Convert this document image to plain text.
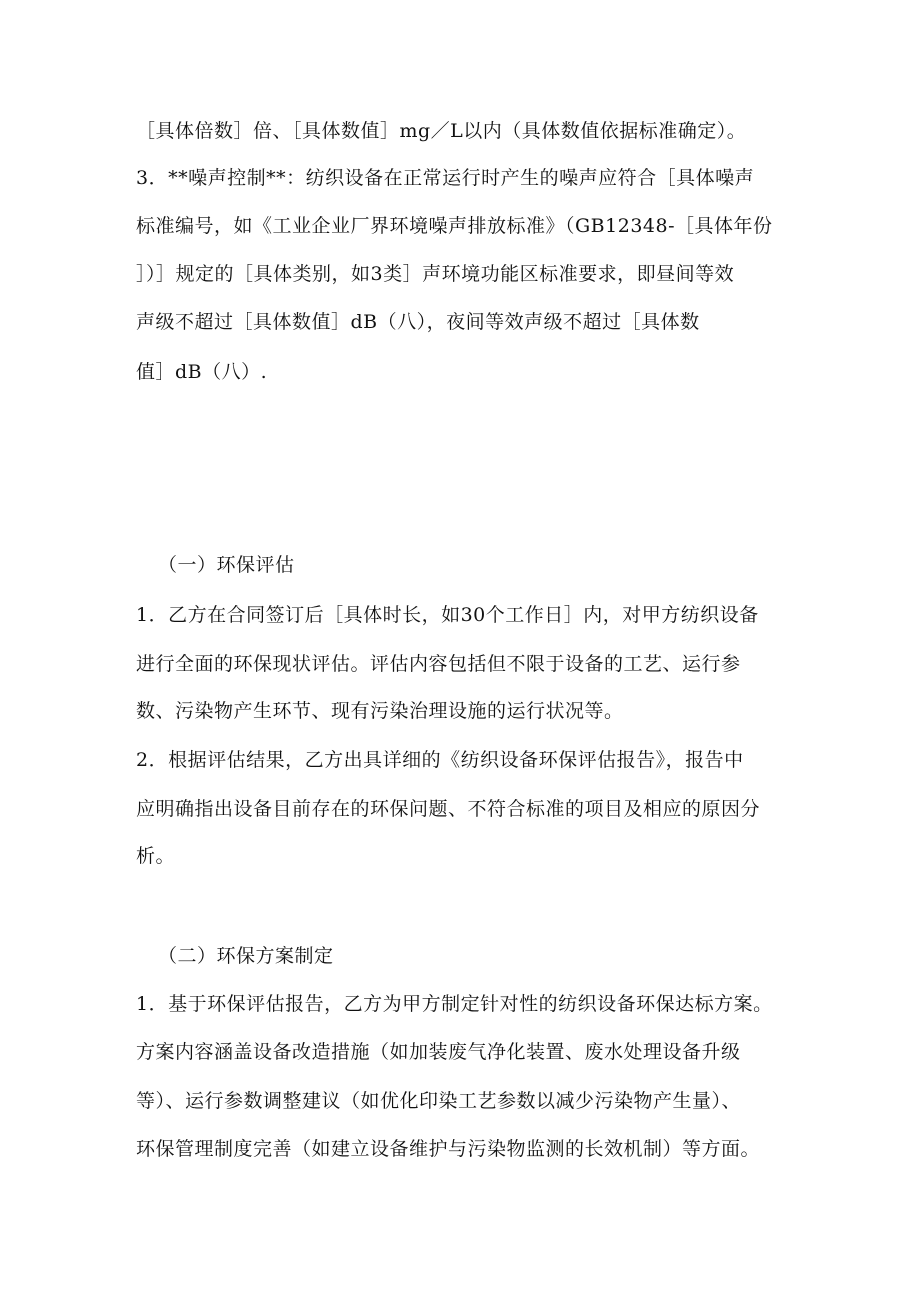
［具体倍数］倍、［具体数值］mg／L以内（具体数值依据标准确定）。
3．**噪声控制**：纺织设备在正常运行时产生的噪声应符合［具体噪声
标准编号，如《工业企业厂界环境噪声排放标准》（GB12348-［具体年份
］）］规定的［具体类别，如3类］声环境功能区标准要求，即昼间等效
声级不超过［具体数值］dB（八），夜间等效声级不超过［具体数
值］dB（八）.
（一）环保评估
1．乙方在合同签订后［具体时长，如30个工作日］内，对甲方纺织设备
进行全面的环保现状评估。评估内容包括但不限于设备的工艺、运行参
数、污染物产生环节、现有污染治理设施的运行状况等。
2．根据评估结果，乙方出具详细的《纺织设备环保评估报告》，报告中
应明确指出设备目前存在的环保问题、不符合标准的项目及相应的原因分
析。
（二）环保方案制定
1．基于环保评估报告，乙方为甲方制定针对性的纺织设备环保达标方案。
方案内容涵盖设备改造措施（如加装废气净化装置、废水处理设备升级
等）、运行参数调整建议（如优化印染工艺参数以减少污染物产生量）、
环保管理制度完善（如建立设备维护与污染物监测的长效机制）等方面。
